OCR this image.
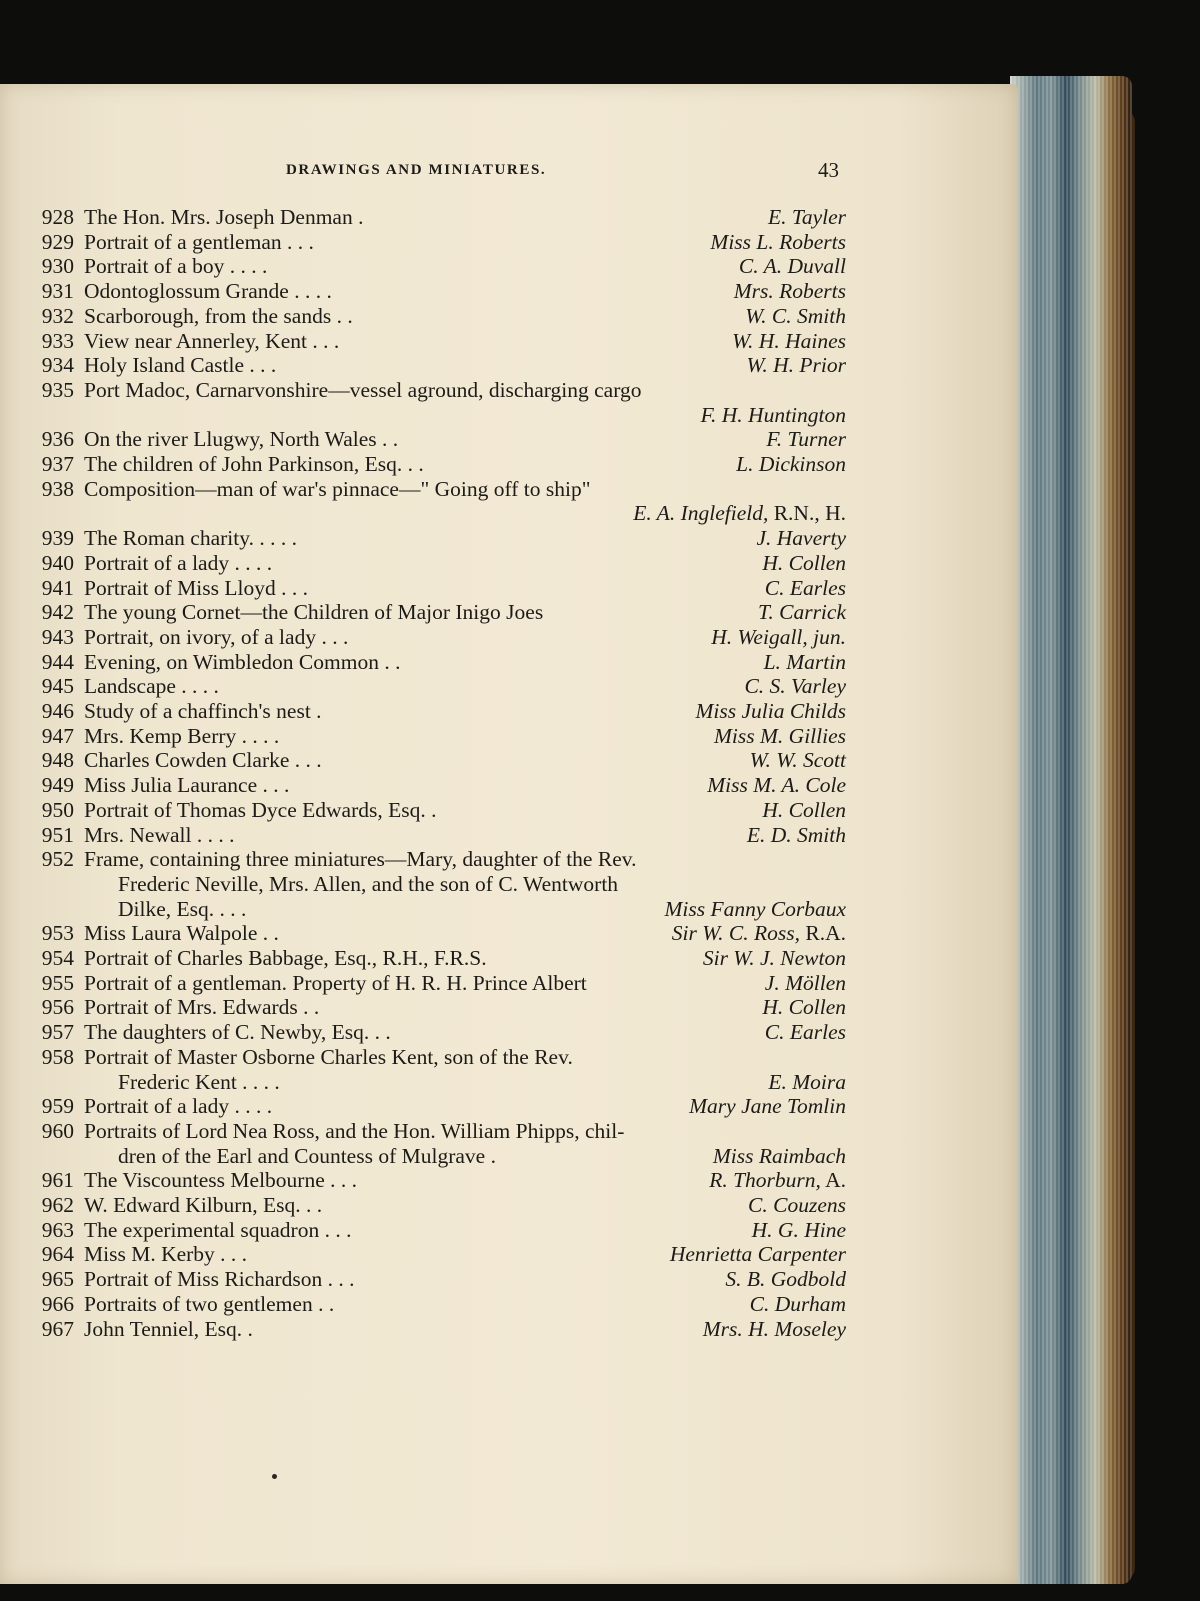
DRAWINGS AND MINIATURES.	43
928 The Hon. Mrs. Joseph Denman .	E. Tayler
929 Portrait of a gentleman . . .	Miss L. Roberts
930 Portrait of a boy . . . .	C. A. Duvall
931 Odontoglossum Grande . . . .	Mrs. Roberts
932 Scarborough, from the sands . .	W. C. Smith
933 View near Annerley, Kent . . .	W. H. Haines
934 Holy Island Castle . . .	W. H. Prior
935 Port Madoc, Carnarvonshire—vessel aground, discharging cargo
F. H. Huntington
936 On the river Llugwy, North Wales . .	F. Turner
937 The children of John Parkinson, Esq. . .	L. Dickinson
938 Composition—man of war's pinnace—" Going off to ship"
E. A. Inglefield, R.N., H.
939 The Roman charity. . . . .	J. Haverty
940 Portrait of a lady . . . .	H. Collen
941 Portrait of Miss Lloyd . . .	C. Earles
942 The young Cornet—the Children of Major Inigo Joes	T. Carrick
943 Portrait, on ivory, of a lady . . .	H. Weigall, jun.
944 Evening, on Wimbledon Common . .	L. Martin
945 Landscape . . . .	C. S. Varley
946 Study of a chaffinch's nest .	Miss Julia Childs
947 Mrs. Kemp Berry . . . .	Miss M. Gillies
948 Charles Cowden Clarke . . .	W. W. Scott
949 Miss Julia Laurance . . .	Miss M. A. Cole
950 Portrait of Thomas Dyce Edwards, Esq. .	H. Collen
951 Mrs. Newall . . . .	E. D. Smith
952 Frame, containing three miniatures—Mary, daughter of the Rev.
Frederic Neville, Mrs. Allen, and the son of C. Wentworth
Dilke, Esq. . . .	Miss Fanny Corbaux
953 Miss Laura Walpole . .	Sir W. C. Ross, R.A.
954 Portrait of Charles Babbage, Esq., R.H., F.R.S.	Sir W. J. Newton
955 Portrait of a gentleman. Property of H. R. H. Prince Albert	J. Möllen
956 Portrait of Mrs. Edwards . .	H. Collen
957 The daughters of C. Newby, Esq. . .	C. Earles
958 Portrait of Master Osborne Charles Kent, son of the Rev.
Frederic Kent . . . .	E. Moira
959 Portrait of a lady . . . .	Mary Jane Tomlin
960 Portraits of Lord Nea Ross, and the Hon. William Phipps, chil-
dren of the Earl and Countess of Mulgrave .	Miss Raimbach
961 The Viscountess Melbourne . . .	R. Thorburn, A.
962 W. Edward Kilburn, Esq. . .	C. Couzens
963 The experimental squadron . . .	H. G. Hine
964 Miss M. Kerby . . .	Henrietta Carpenter
965 Portrait of Miss Richardson . . .	S. B. Godbold
966 Portraits of two gentlemen . .	C. Durham
967 John Tenniel, Esq. .	Mrs. H. Moseley
